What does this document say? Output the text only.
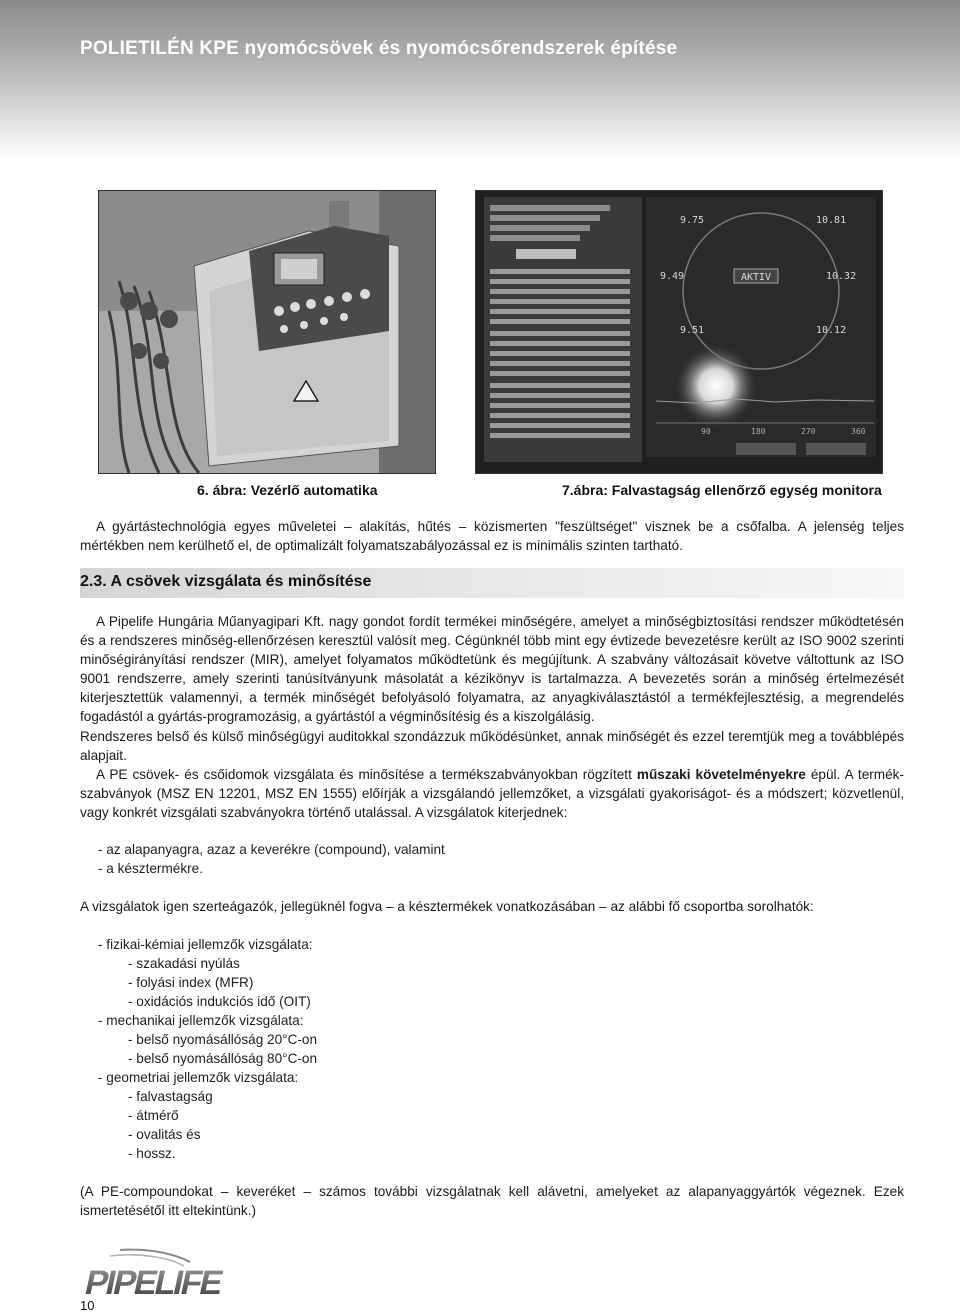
POLIETILÉN KPE nyomócsövek és nyomócsőrendszerek építése
AKTIV
9.75	10.81
9.49	10.32
9.51	10.12
90	180	270	360
6. ábra: Vezérlő automatika	7.ábra: Falvastagság ellenőrző egység monitora

A gyártástechnológia egyes műveletei – alakítás, hűtés – közismerten "feszültséget" visznek be a csőfalba. A jelenség teljes mértékben nem kerülhető el, de optimalizált folyamatszabályozással ez is minimális szinten tartható.

2.3. A csövek vizsgálata és minősítése

A Pipelife Hungária Műanyagipari Kft. nagy gondot fordít termékei minőségére, amelyet a minőségbiztosítási rendszer működtetésén és a rendszeres minőség-ellenőrzésen keresztül valósít meg. Cégünknél több mint egy évtizede bevezetésre került az ISO 9002 szerinti minőségirányítási rendszer (MIR), amelyet folyamatos működtetünk és megújítunk. A szabvány változásait követve váltottunk az ISO 9001 rendszerre, amely szerinti tanúsítványunk másolatát a kézikönyv is tartalmazza. A bevezetés során a minőség értelmezését kiterjesztettük valamennyi, a termék minőségét befolyásoló folyamatra, az anyagkiválasztástól a termékfejlesztésig, a megrendelés fogadástól a gyártás-programozásig, a gyártástól a végminősítésig és a kiszolgálásig.

Rendszeres belső és külső minőségügyi auditokkal szondázzuk működésünket, annak minőségét és ezzel teremtjük meg a továbblépés alapjait.

A PE csövek- és csőidomok vizsgálata és minősítése a termékszabványokban rögzített műszaki követelményekre épül. A termék-szabványok (MSZ EN 12201, MSZ EN 1555) előírják a vizsgálandó jellemzőket, a vizsgálati gyakoriságot- és a módszert; közvetlenül, vagy konkrét vizsgálati szabványokra történő utalással. A vizsgálatok kiterjednek:

- az alapanyagra, azaz a keverékre (compound), valamint
- a késztermékre.

A vizsgálatok igen szerteágazók, jellegüknél fogva – a késztermékek vonatkozásában – az alábbi fő csoportba sorolhatók:

- fizikai-kémiai jellemzők vizsgálata:
- szakadási nyúlás
- folyási index (MFR)
- oxidációs indukciós idő (OIT)
- mechanikai jellemzők vizsgálata:
- belső nyomásállóság 20°C-on
- belső nyomásállóság 80°C-on
- geometriai jellemzők vizsgálata:
- falvastagság
- átmérő
- ovalitás és
- hossz.

(A PE-compoundokat – keveréket – számos további vizsgálatnak kell alávetni, amelyeket az alapanyaggyártók végeznek. Ezek ismertetésétől itt eltekintünk.)

PIPELIFE
10
